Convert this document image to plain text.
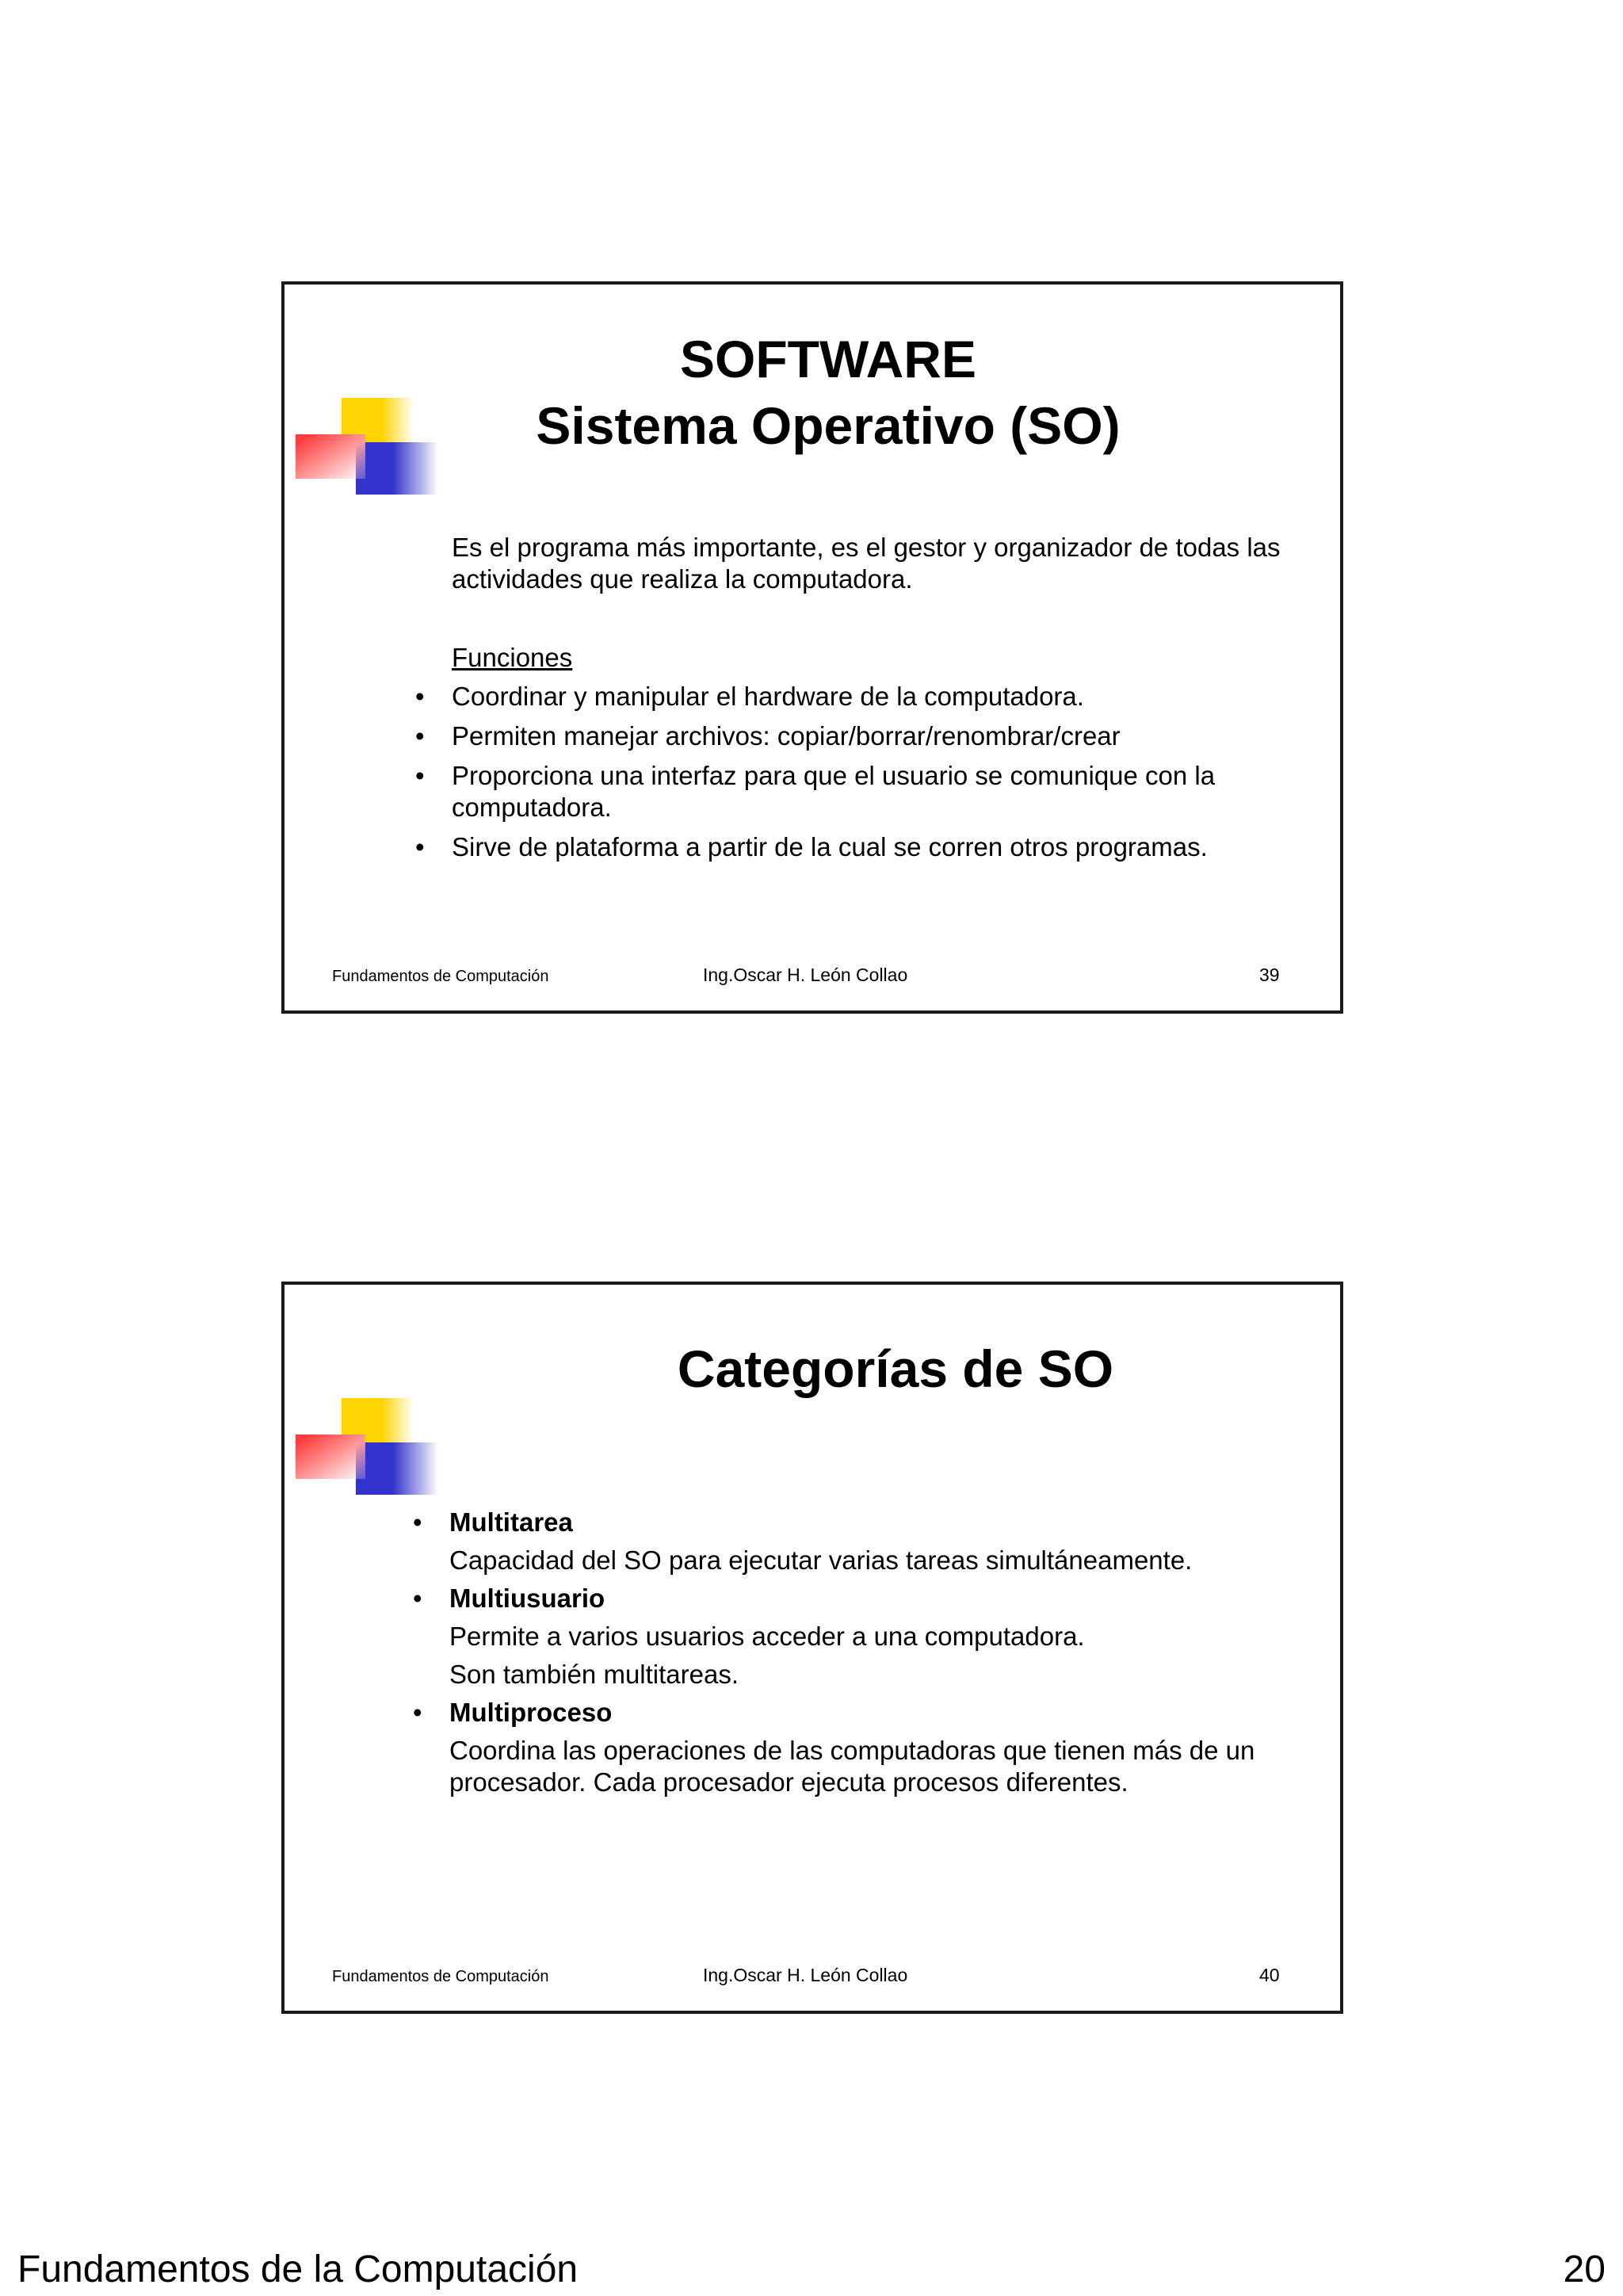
SOFTWARE
Sistema Operativo (SO)
Es el programa más importante, es el gestor y organizador de todas las actividades que realiza la computadora.
Funciones
• Coordinar y manipular el hardware de la computadora.
• Permiten manejar archivos: copiar/borrar/renombrar/crear
• Proporciona una interfaz para que el usuario se comunique con la computadora.
• Sirve de plataforma a partir de la cual se corren otros programas.
Fundamentos de Computación	Ing.Oscar H. León Collao	39
Categorías de SO
• Multitarea
Capacidad del SO para ejecutar varias tareas simultáneamente.
• Multiusuario
Permite a varios usuarios acceder a una computadora.
Son también multitareas.
• Multiproceso
Coordina las operaciones de las computadoras que tienen más de un procesador. Cada procesador ejecuta procesos diferentes.
Fundamentos de Computación	Ing.Oscar H. León Collao	40
Fundamentos de la Computación	20
